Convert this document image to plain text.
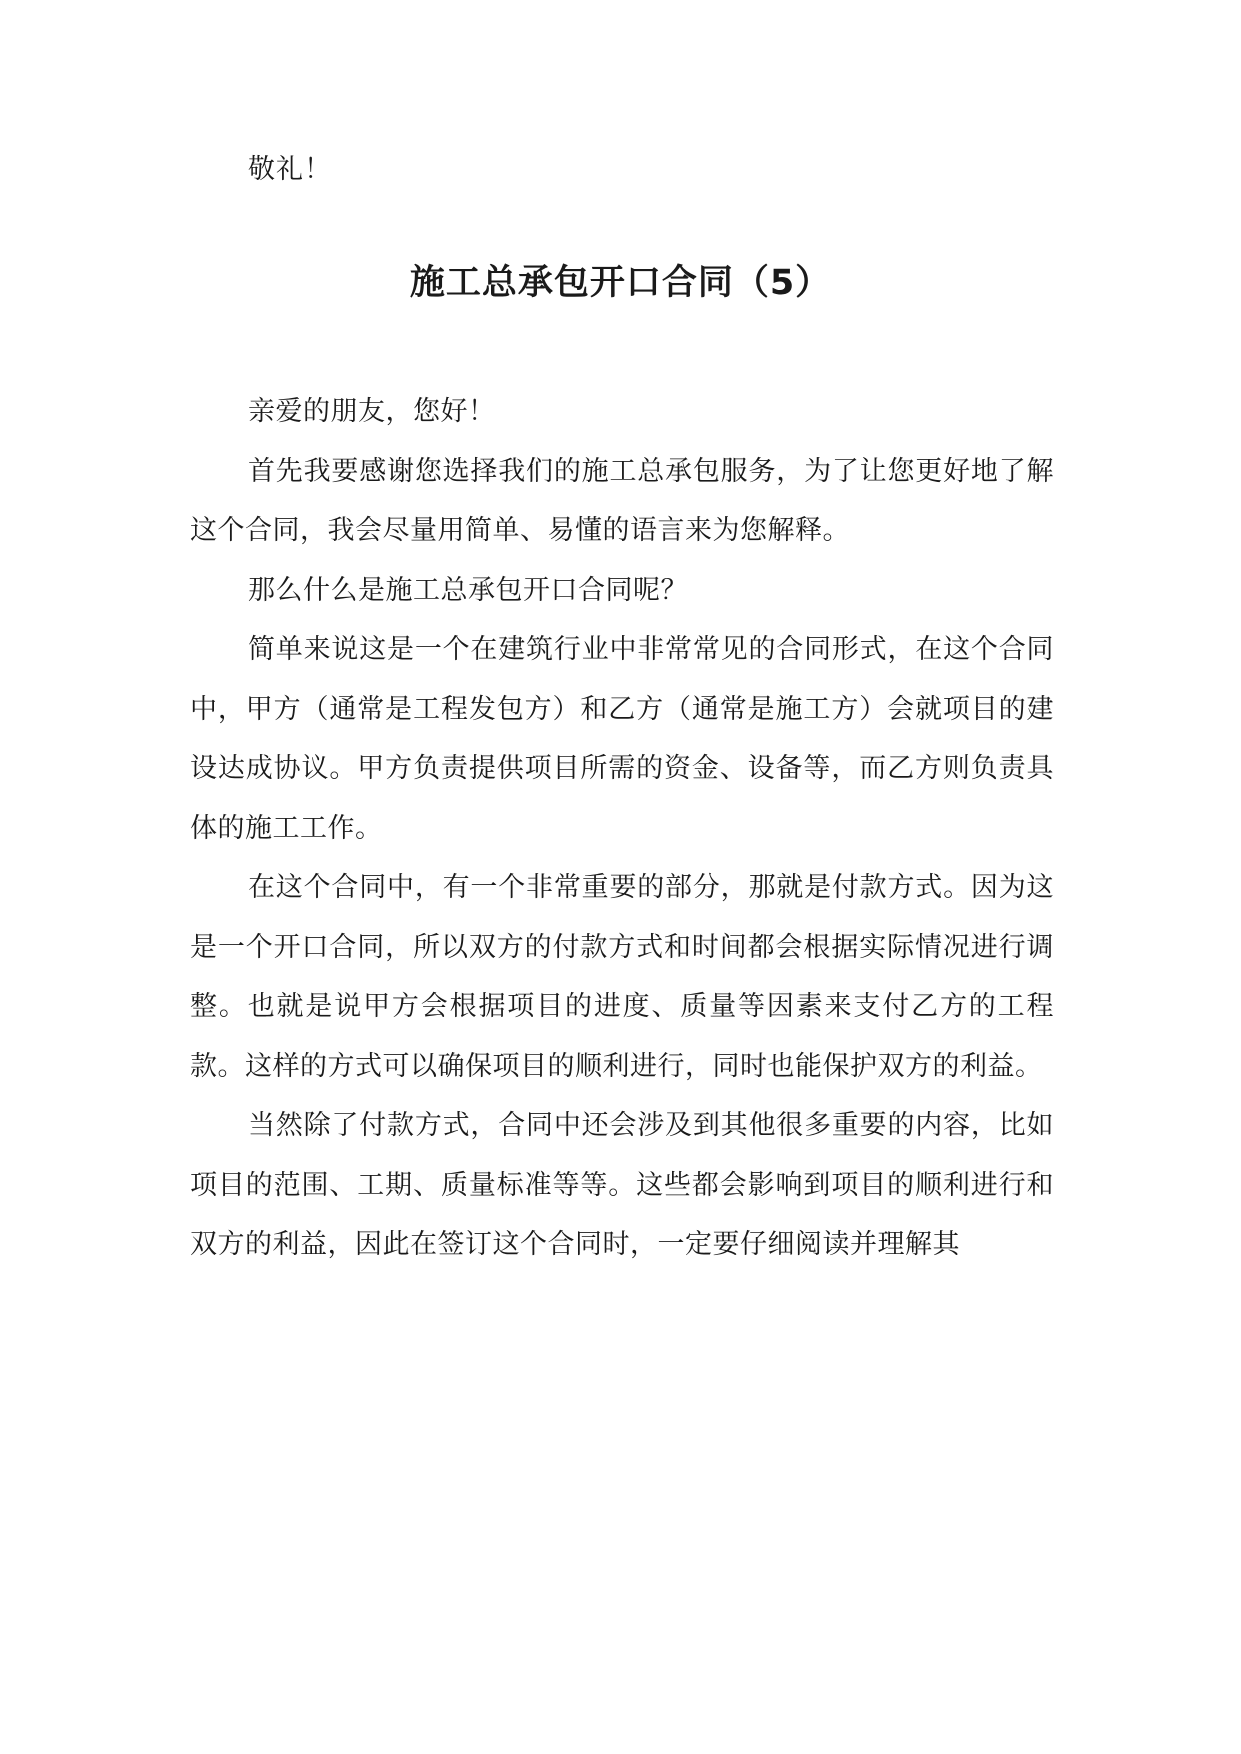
敬礼！

施工总承包开口合同（5）

亲爱的朋友，您好！

首先我要感谢您选择我们的施工总承包服务，为了让您更好地了解这个合同，我会尽量用简单、易懂的语言来为您解释。

那么什么是施工总承包开口合同呢？

简单来说这是一个在建筑行业中非常常见的合同形式，在这个合同中，甲方（通常是工程发包方）和乙方（通常是施工方）会就项目的建设达成协议。甲方负责提供项目所需的资金、设备等，而乙方则负责具体的施工工作。

在这个合同中，有一个非常重要的部分，那就是付款方式。因为这是一个开口合同，所以双方的付款方式和时间都会根据实际情况进行调整。也就是说甲方会根据项目的进度、质量等因素来支付乙方的工程款。这样的方式可以确保项目的顺利进行，同时也能保护双方的利益。

当然除了付款方式，合同中还会涉及到其他很多重要的内容，比如项目的范围、工期、质量标准等等。这些都会影响到项目的顺利进行和双方的利益，因此在签订这个合同时，一定要仔细阅读并理解其
